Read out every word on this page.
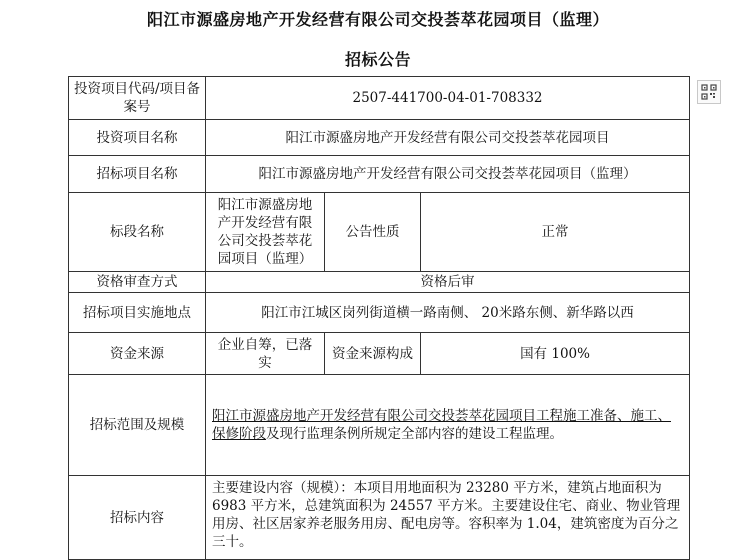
阳江市源盛房地产开发经营有限公司交投荟萃花园项目（监理）
招标公告
投资项目代码/项目备案号	2507-441700-04-01-708332		
投资项目名称	阳江市源盛房地产开发经营有限公司交投荟萃花园项目		
招标项目名称	阳江市源盛房地产开发经营有限公司交投荟萃花园项目（监理）		
标段名称	阳江市源盛房地产开发经营有限公司交投荟萃花园项目（监理）	公告性质	正常
资格审查方式	资格后审		
招标项目实施地点	阳江市江城区岗列街道横一路南侧、 20米路东侧、新华路以西		
资金来源	企业自筹，已落实	资金来源构成	国有 100%
招标范围及规模	阳江市源盛房地产开发经营有限公司交投荟萃花园项目工程施工准备、施工、保修阶段及现行监理条例所规定全部内容的建设工程监理。		
招标内容	主要建设内容（规模）：本项目用地面积为 23280 平方米，建筑占地面积为 6983 平方米，总建筑面积为 24557 平方米。主要建设住宅、商业、物业管理用房、社区居家养老服务用房、配电房等。容积率为 1.04，建筑密度为百分之三十。		
